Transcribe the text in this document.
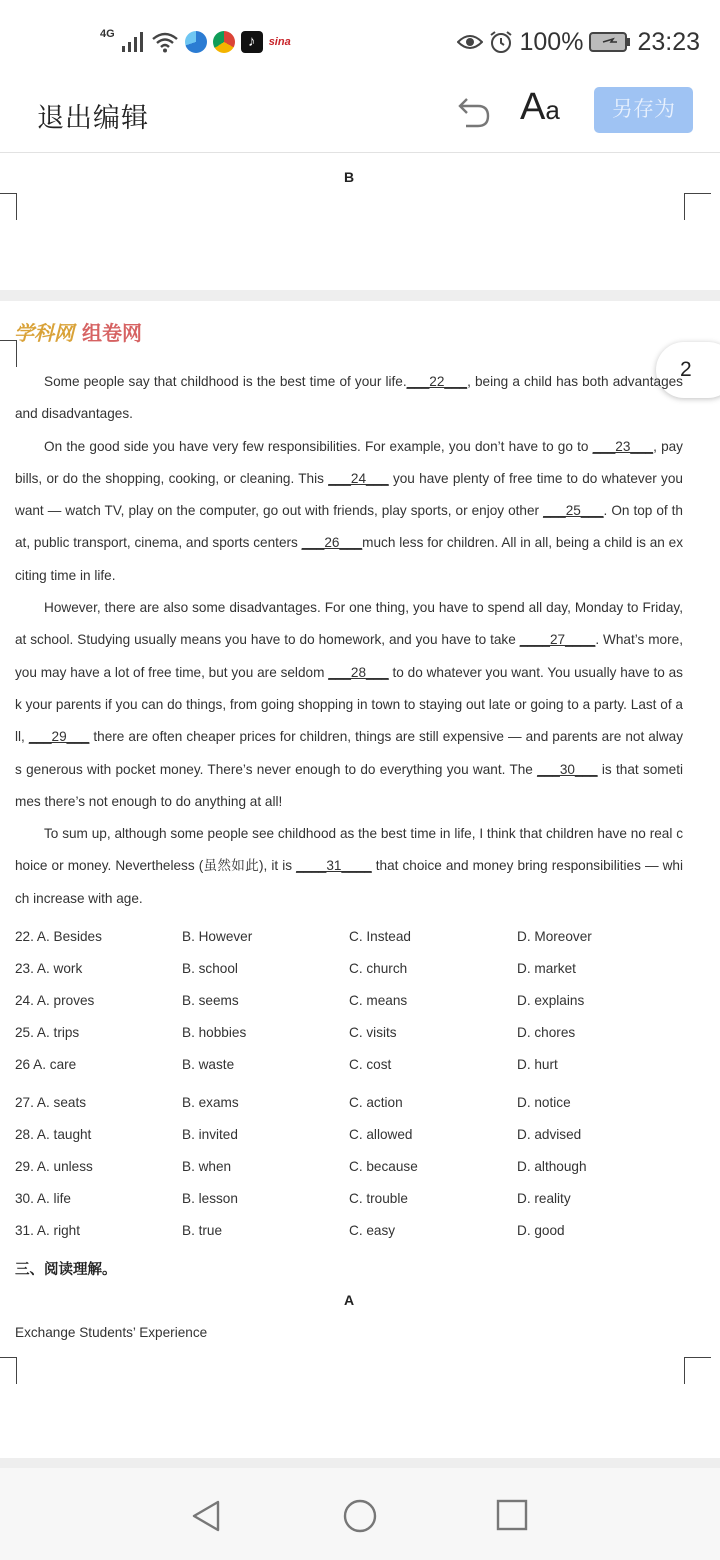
4G	♪	sina	100% 23:23
退出编辑	Aa	另存为
B
学科网 组卷网
2

Some people say that childhood is the best time of your life.___22___, being a child has both advantages and disadvantages.

On the good side you have very few responsibilities. For example, you don’t have to go to ___23___, pay bills, or do the shopping, cooking, or cleaning. This ___24___ you have plenty of free time to do whatever you want — watch TV, play on the computer, go out with friends, play sports, or enjoy other ___25___. On top of that, public transport, cinema, and sports centers ___26___much less for children. All in all, being a child is an exciting time in life.

However, there are also some disadvantages. For one thing, you have to spend all day, Monday to Friday, at school. Studying usually means you have to do homework, and you have to take ____27____. What’s more, you may have a lot of free time, but you are seldom ___28___ to do whatever you want. You usually have to ask your parents if you can do things, from going shopping in town to staying out late or going to a party. Last of all, ___29___ there are often cheaper prices for children, things are still expensive — and parents are not always generous with pocket money. There’s never enough to do everything you want. The ___30___ is that sometimes there’s not enough to do anything at all!

To sum up, although some people see childhood as the best time in life, I think that children have no real choice or money. Nevertheless (虽然如此), it is ____31____ that choice and money bring responsibilities — which increase with age.

22. A. Besides	B. However	C. Instead	D. Moreover
23. A. work	B. school	C. church	D. market
24. A. proves	B. seems	C. means	D. explains
25. A. trips	B. hobbies	C. visits	D. chores
26 A. care	B. waste	C. cost	D. hurt
27. A. seats	B. exams	C. action	D. notice
28. A. taught	B. invited	C. allowed	D. advised
29. A. unless	B. when	C. because	D. although
30. A. life	B. lesson	C. trouble	D. reality
31. A. right	B. true	C. easy	D. good
三、阅读理解。
A
Exchange Students’ Experience
